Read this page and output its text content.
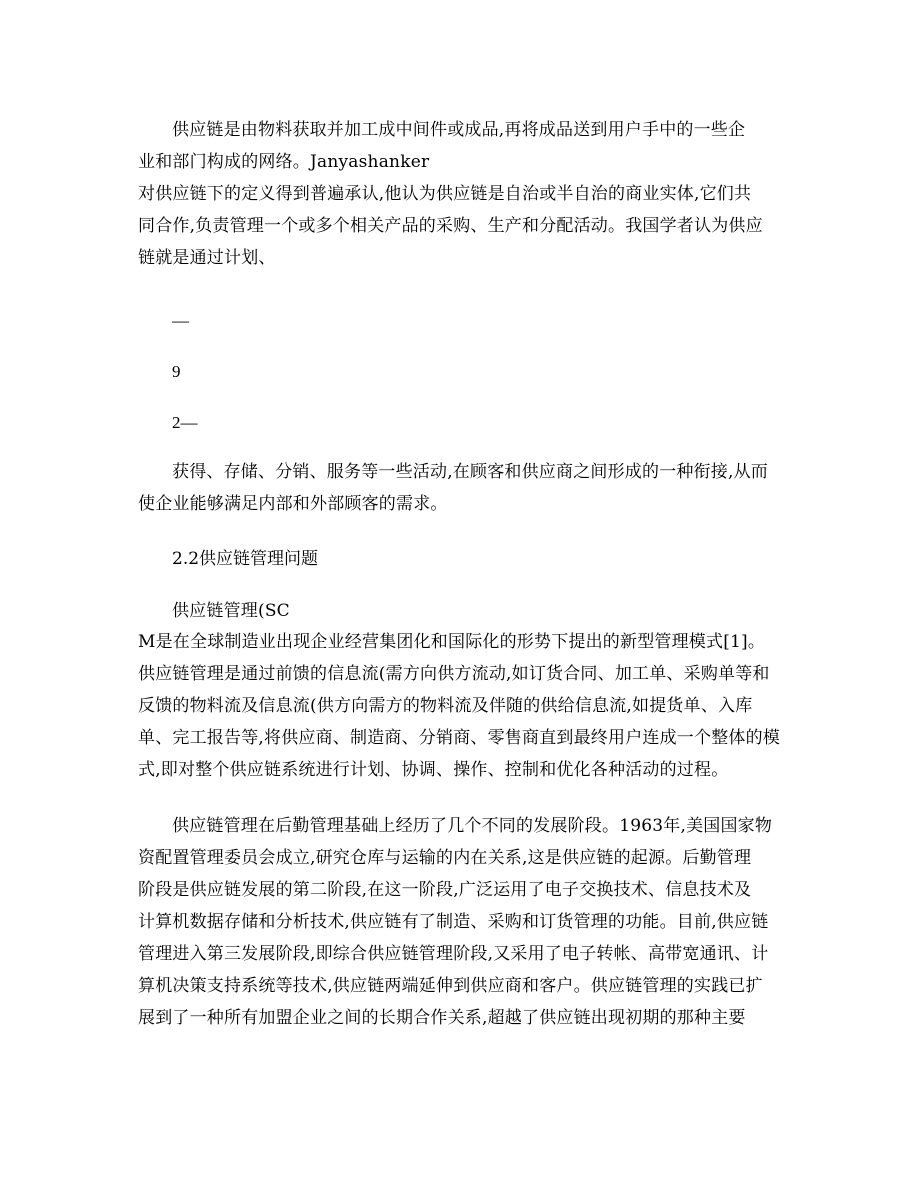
供应链是由物料获取并加工成中间件或成品,再将成品送到用户手中的一些企
业和部门构成的网络。Janyashanker
对供应链下的定义得到普遍承认,他认为供应链是自治或半自治的商业实体,它们共
同合作,负责管理一个或多个相关产品的采购、生产和分配活动。我国学者认为供应
链就是通过计划、
—
9
2—
获得、存储、分销、服务等一些活动,在顾客和供应商之间形成的一种衔接,从而
使企业能够满足内部和外部顾客的需求。
2.2供应链管理问题
供应链管理(SC
M是在全球制造业出现企业经营集团化和国际化的形势下提出的新型管理模式[1]。
供应链管理是通过前馈的信息流(需方向供方流动,如订货合同、加工单、采购单等和
反馈的物料流及信息流(供方向需方的物料流及伴随的供给信息流,如提货单、入库
单、完工报告等,将供应商、制造商、分销商、零售商直到最终用户连成一个整体的模
式,即对整个供应链系统进行计划、协调、操作、控制和优化各种活动的过程。
供应链管理在后勤管理基础上经历了几个不同的发展阶段。1963年,美国国家物
资配置管理委员会成立,研究仓库与运输的内在关系,这是供应链的起源。后勤管理
阶段是供应链发展的第二阶段,在这一阶段,广泛运用了电子交换技术、信息技术及
计算机数据存储和分析技术,供应链有了制造、采购和订货管理的功能。目前,供应链
管理进入第三发展阶段,即综合供应链管理阶段,又采用了电子转帐、高带宽通讯、计
算机决策支持系统等技术,供应链两端延伸到供应商和客户。供应链管理的实践已扩
展到了一种所有加盟企业之间的长期合作关系,超越了供应链出现初期的那种主要
